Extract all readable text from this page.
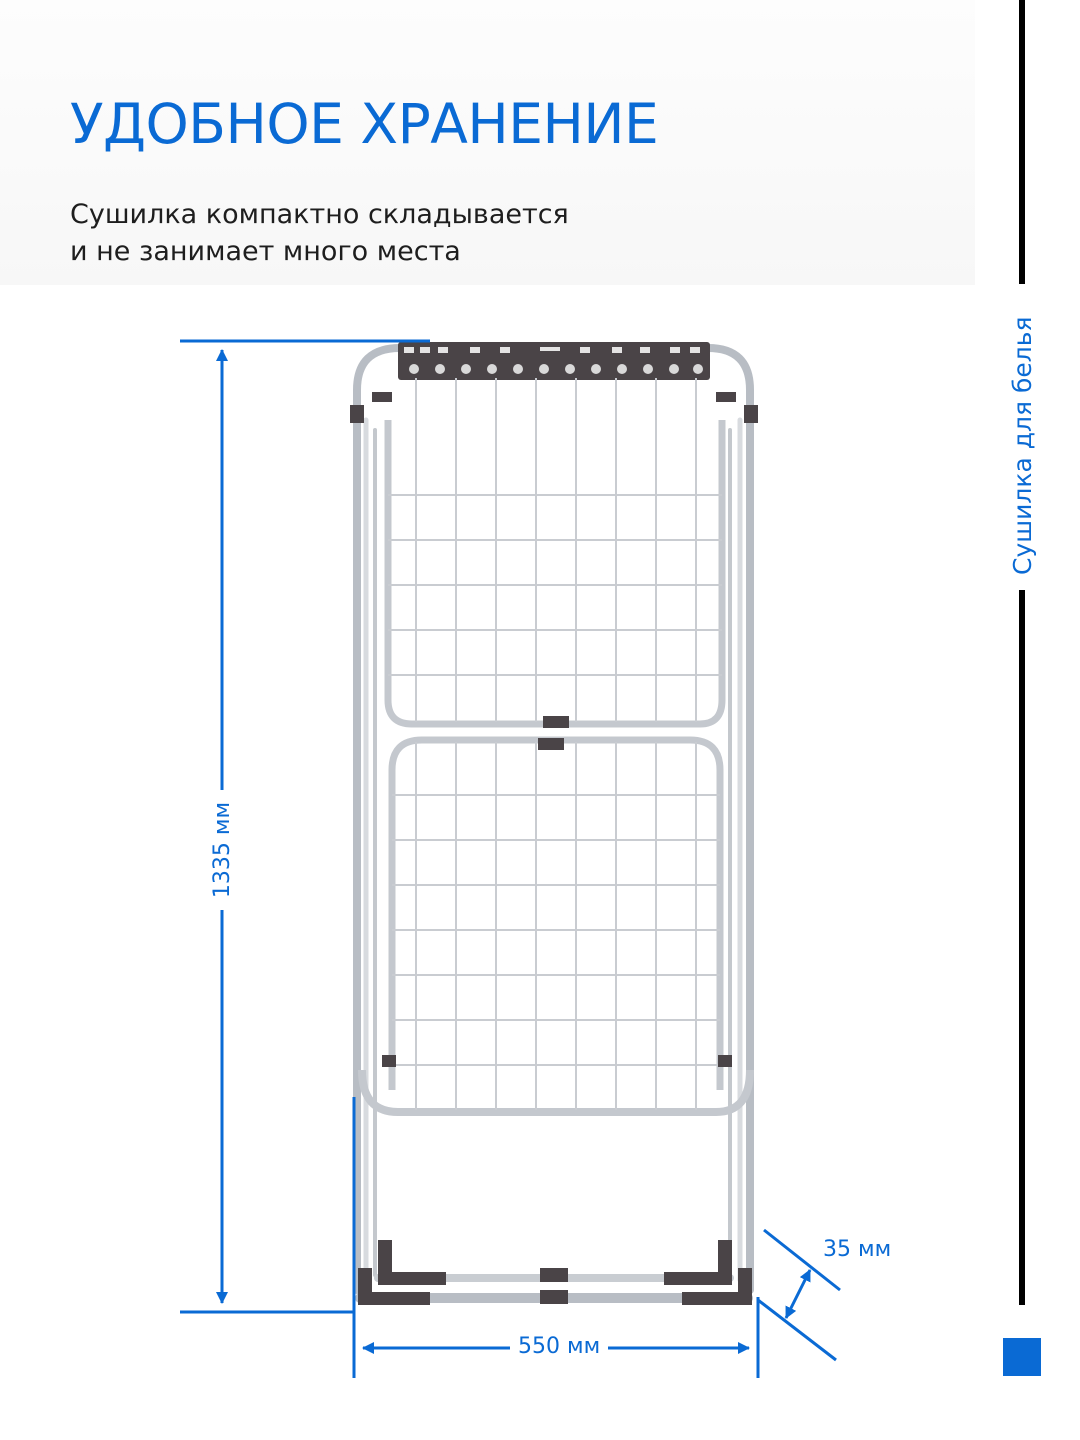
УДОБНОЕ ХРАНЕНИЕ

Сушилка компактно складывается
и не занимает много места

Сушилка для белья
1335 мм
550 мм
35 мм
